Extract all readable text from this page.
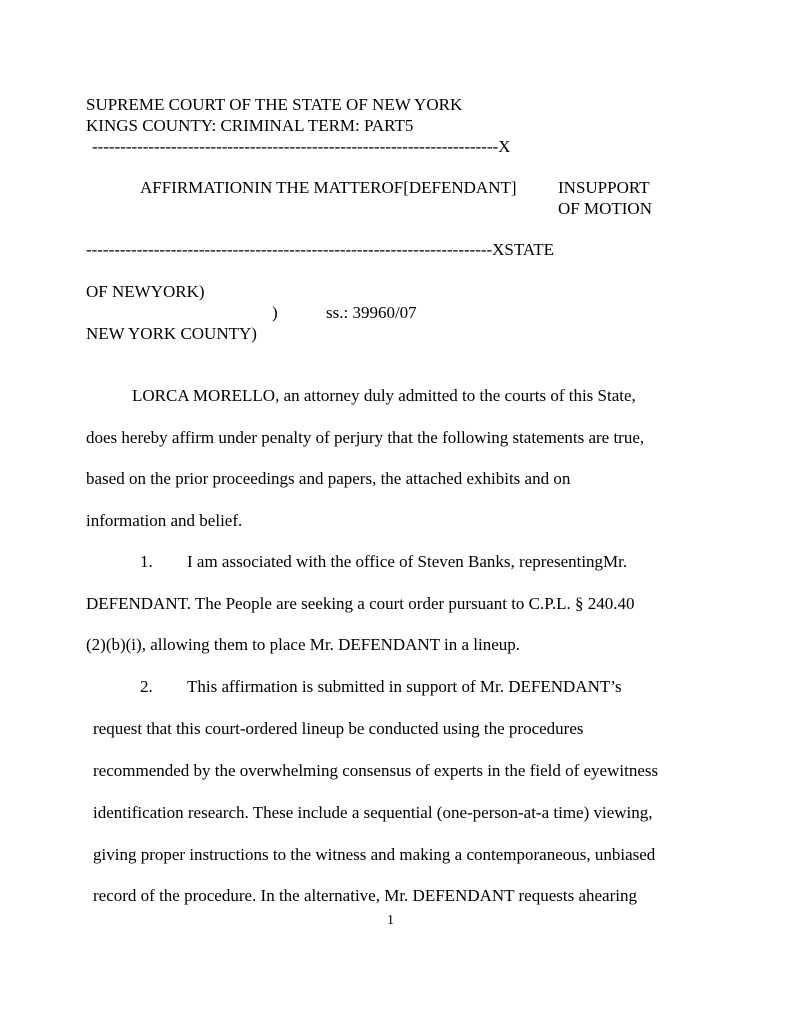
SUPREME COURT OF THE STATE OF NEW YORK

KINGS COUNTY: CRIMINAL TERM: PART5

------------------------------------------------------------------------X

AFFIRMATIONIN THE MATTEROF[DEFENDANT] INSUPPORT

OF MOTION

------------------------------------------------------------------------XSTATE

OF NEWYORK)

)	ss.: 39960/07

NEW YORK COUNTY)

LORCA MORELLO, an attorney duly admitted to the courts of this State,

does hereby affirm under penalty of perjury that the following statements are true,

based on the prior proceedings and papers, the attached exhibits and on

information and belief.

1. I am associated with the office of Steven Banks, representingMr.

DEFENDANT. The People are seeking a court order pursuant to C.P.L. § 240.40

(2)(b)(i), allowing them to place Mr. DEFENDANT in a lineup.

2. This affirmation is submitted in support of Mr. DEFENDANT’s

request that this court-ordered lineup be conducted using the procedures

recommended by the overwhelming consensus of experts in the field of eyewitness

identification research. These include a sequential (one-person-at-a time) viewing,

giving proper instructions to the witness and making a contemporaneous, unbiased

record of the procedure. In the alternative, Mr. DEFENDANT requests ahearing

1
